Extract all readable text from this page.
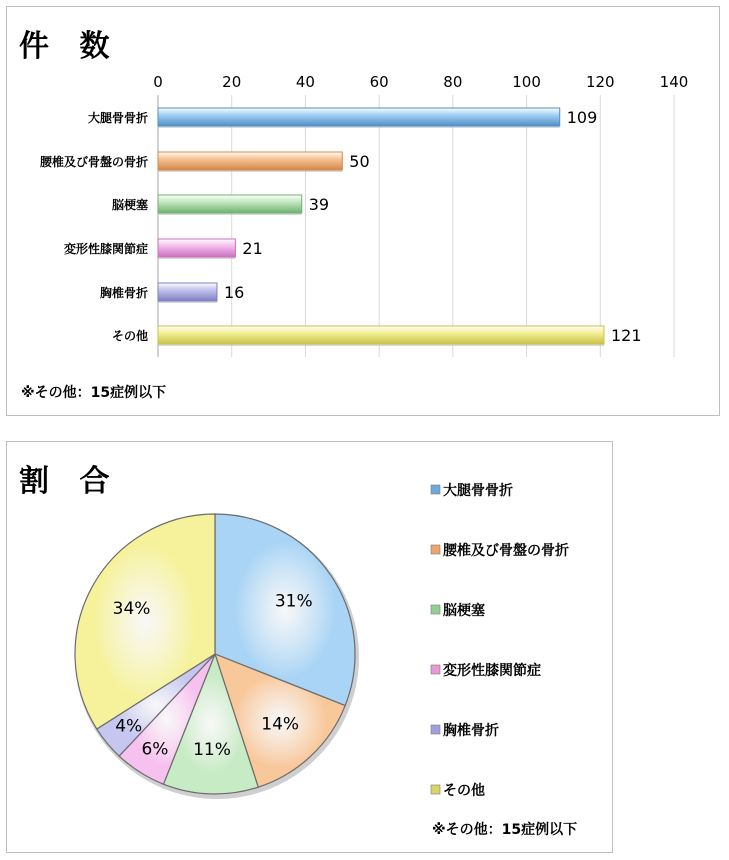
件 数
0	20	40	60	80	100	120	140
大腿骨骨折	109
腰椎及び骨盤の骨折	50
脳梗塞	39
変形性膝関節症	21
胸椎骨折	16
その他	121
※その他：15症例以下
割 合
31%
14%
11%
6%
4%
34%
大腿骨骨折
腰椎及び骨盤の骨折
脳梗塞
変形性膝関節症
胸椎骨折
その他
※その他：15症例以下
